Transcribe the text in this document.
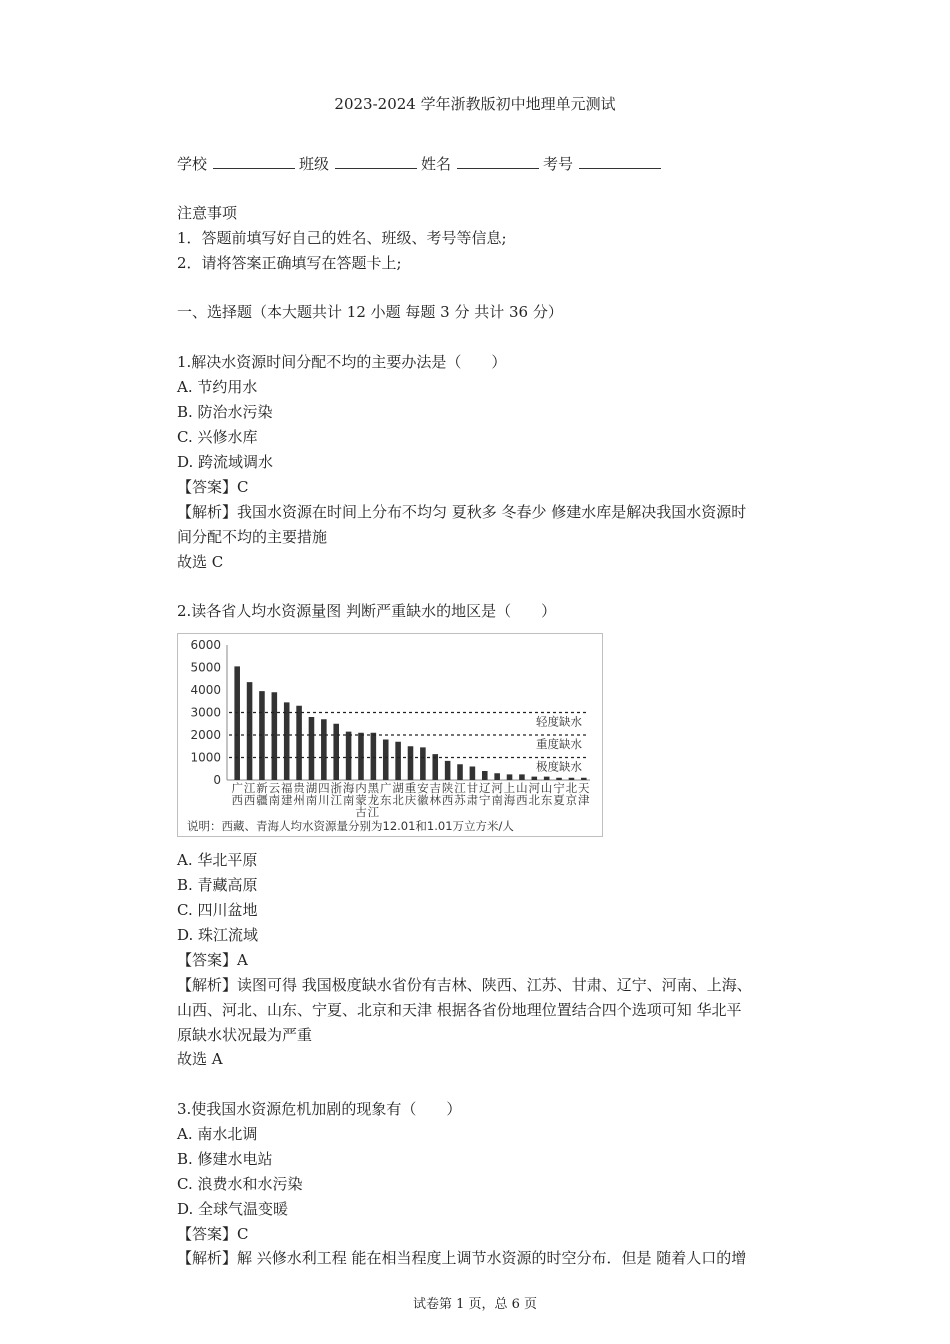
2023-2024 学年浙教版初中地理单元测试
学校	班级	姓名	考号
注意事项
1．答题前填写好自己的姓名、班级、考号等信息;
2．请将答案正确填写在答题卡上;
一、选择题（本大题共计 12 小题 每题 3 分 共计 36 分）
1.解决水资源时间分配不均的主要办法是（　　）
A. 节约用水
B. 防治水污染
C. 兴修水库
D. 跨流域调水
【答案】C
【解析】我国水资源在时间上分布不均匀 夏秋多 冬春少 修建水库是解决我国水资源时
间分配不均的主要措施
故选 C
2.读各省人均水资源量图 判断严重缺水的地区是（　　）
6000
5000
4000
3000
2000
1000
0
广
西
江
西
新
疆
云
南
福
建
贵
州
湖
南
四
川
浙
江
海
南
内
蒙
古
黑
龙
江
广
东
湖
北
重
庆
安
徽
吉
林
陕
西
江
苏
甘
肃
辽
宁
河
南
上
海
山
西
河
北
山
东
宁
夏
北
京
天
津
轻度缺水
重度缺水
极度缺水
说明：西藏、青海人均水资源量分别为12.01和1.01万立方米/人
A. 华北平原
B. 青藏高原
C. 四川盆地
D. 珠江流域
【答案】A
【解析】读图可得 我国极度缺水省份有吉林、陕西、江苏、甘肃、辽宁、河南、上海、
山西、河北、山东、宁夏、北京和天津 根据各省份地理位置结合四个选项可知 华北平
原缺水状况最为严重
故选 A
3.使我国水资源危机加剧的现象有（　　）
A. 南水北调
B. 修建水电站
C. 浪费水和水污染
D. 全球气温变暖
【答案】C
【解析】解 兴修水利工程 能在相当程度上调节水资源的时空分布．但是 随着人口的增
试卷第 1 页，总 6 页
